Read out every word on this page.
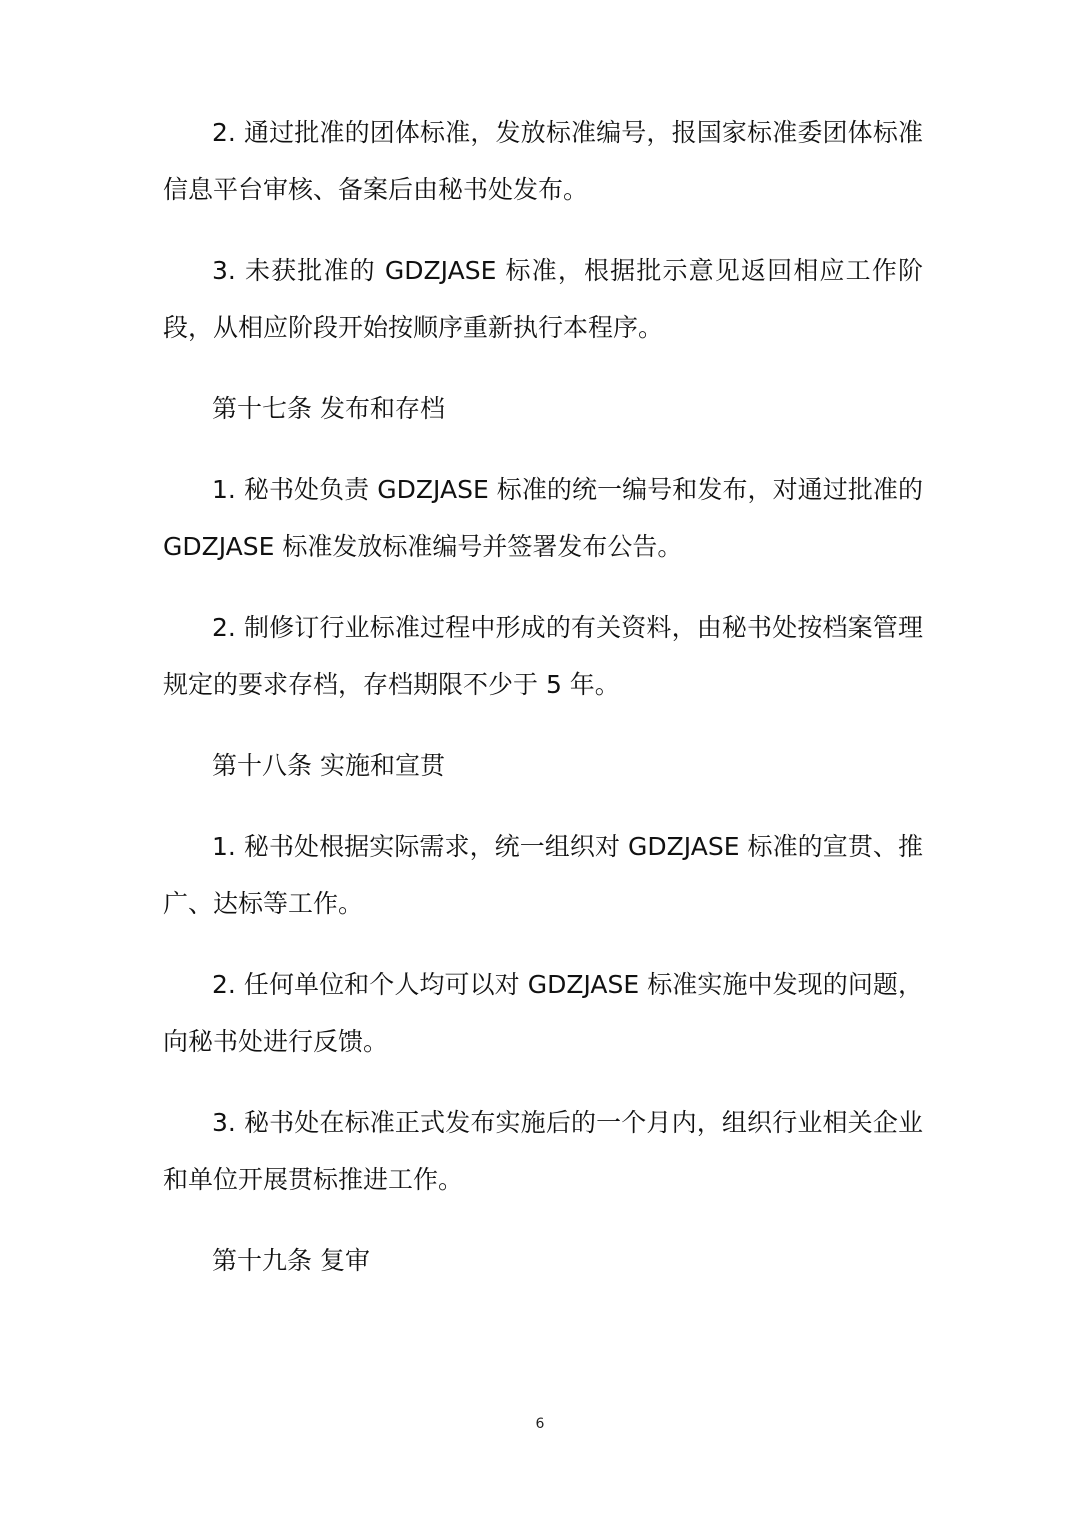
2. 通过批准的团体标准，发放标准编号，报国家标准委团体标准信息平台审核、备案后由秘书处发布。

3. 未获批准的 GDZJASE 标准，根据批示意见返回相应工作阶段，从相应阶段开始按顺序重新执行本程序。

第十七条 发布和存档

1. 秘书处负责 GDZJASE 标准的统一编号和发布，对通过批准的 GDZJASE 标准发放标准编号并签署发布公告。

2. 制修订行业标准过程中形成的有关资料，由秘书处按档案管理规定的要求存档，存档期限不少于 5 年。

第十八条 实施和宣贯

1. 秘书处根据实际需求，统一组织对 GDZJASE 标准的宣贯、推广、达标等工作。

2. 任何单位和个人均可以对 GDZJASE 标准实施中发现的问题，向秘书处进行反馈。

3. 秘书处在标准正式发布实施后的一个月内，组织行业相关企业和单位开展贯标推进工作。

第十九条 复审

6
